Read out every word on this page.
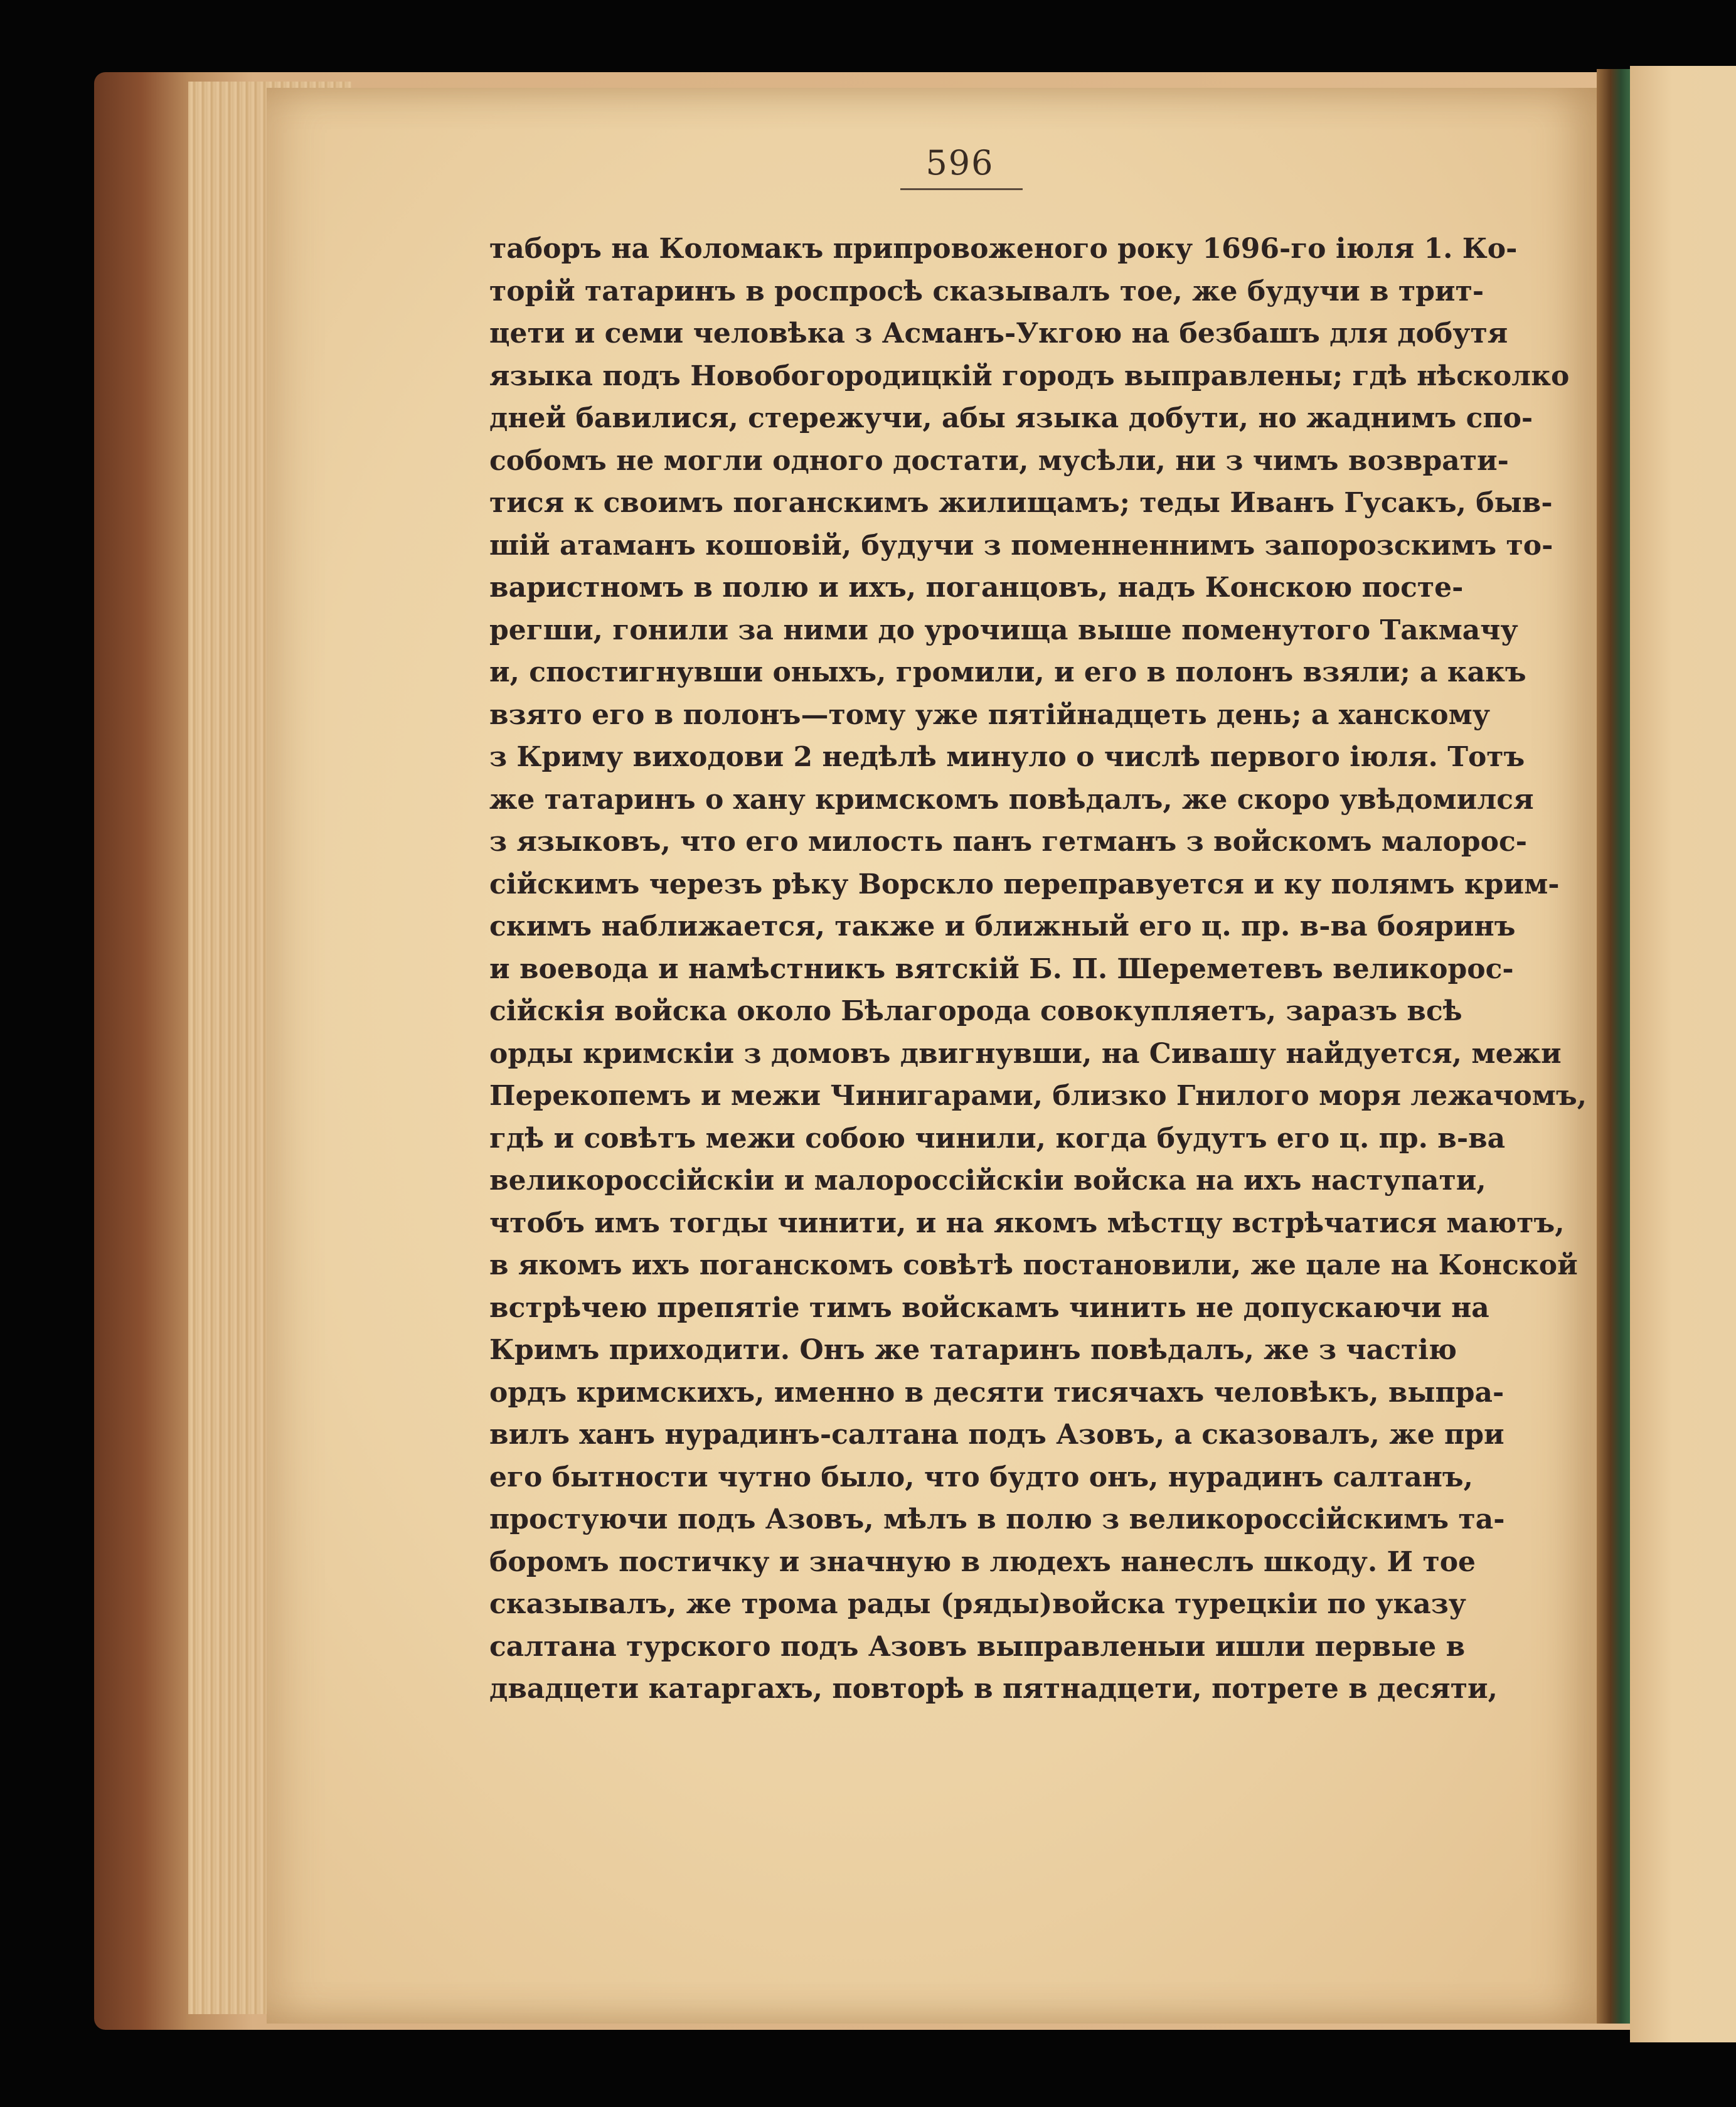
596
таборъ на Коломакъ припровоженого року 1696-го іюля 1. Ко-
торій татаринъ в роспросѣ сказывалъ тое, же будучи в трит-
цети и семи человѣка з Асманъ-Укгою на безбашъ для добутя
языка подъ Новобогородицкій городъ выправлены; гдѣ нѣсколко
дней бавилися, стережучи, абы языка добути, но жаднимъ спо-
собомъ не могли одного достати, мусѣли, ни з чимъ возврати-
тися к своимъ поганскимъ жилищамъ; теды Иванъ Гусакъ, быв-
шій атаманъ кошовій, будучи з поменненнимъ запорозскимъ то-
варистномъ в полю и ихъ, поганцовъ, надъ Конскою посте-
регши, гонили за ними до урочища выше поменутого Такмачу
и, спостигнувши оныхъ, громили, и его в полонъ взяли; а какъ
взято его в полонъ—тому уже пятійнадцеть день; а ханскому
з Криму виходови 2 недѣлѣ минуло о числѣ первого іюля. Тотъ
же татаринъ о хану кримскомъ повѣдалъ, же скоро увѣдомился
з языковъ, что его милость панъ гетманъ з войскомъ малорос-
сійскимъ черезъ рѣку Ворскло переправуется и ку полямъ крим-
скимъ наближается, также и ближный его ц. пр. в-ва бояринъ
и воевода и намѣстникъ вятскій Б. П. Шереметевъ великорос-
сійскія войска около Бѣлагорода совокупляетъ, заразъ всѣ
орды кримскіи з домовъ двигнувши, на Сивашу найдуется, межи
Перекопемъ и межи Чинигарами, близко Гнилого моря лежачомъ,
гдѣ и совѣтъ межи собою чинили, когда будутъ его ц. пр. в-ва
великороссійскіи и малороссійскіи войска на ихъ наступати,
чтобъ имъ тогды чинити, и на якомъ мѣстцу встрѣчатися маютъ,
в якомъ ихъ поганскомъ совѣтѣ постановили, же цале на Конской
встрѣчею препятіе тимъ войскамъ чинить не допускаючи на
Кримъ приходити. Онъ же татаринъ повѣдалъ, же з частію
ордъ кримскихъ, именно в десяти тисячахъ человѣкъ, выпра-
вилъ ханъ нурадинъ-салтана подъ Азовъ, а сказовалъ, же при
его бытности чутно было, что будто онъ, нурадинъ салтанъ,
простуючи подъ Азовъ, мѣлъ в полю з великороссійскимъ та-
боромъ постичку и значную в людехъ нанеслъ шкоду. И тое
сказывалъ, же трома рады (ряды)войска турецкіи по указу
салтана турского подъ Азовъ выправленыи ишли первые в
двадцети катаргахъ, повторѣ в пятнадцети, потрете в десяти,
